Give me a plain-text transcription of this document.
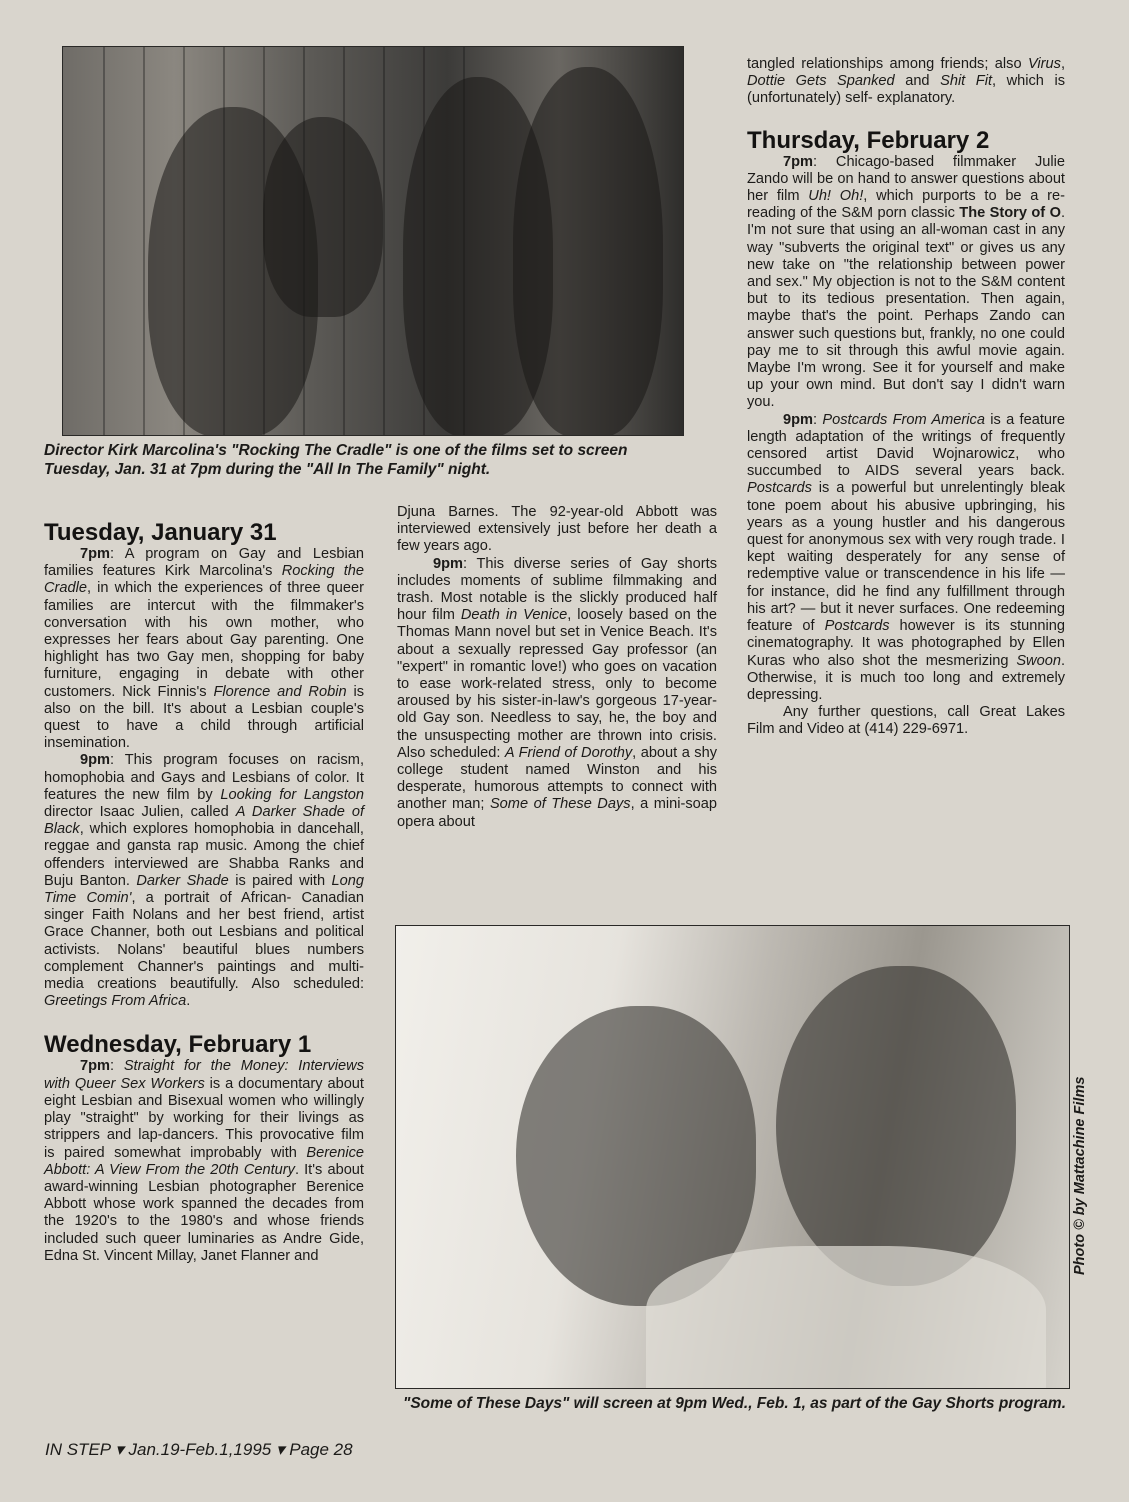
Director Kirk Marcolina's "Rocking The Cradle" is one of the films set to screen Tuesday, Jan. 31 at 7pm during the "All In The Family" night.
Tuesday, January 31

7pm: A program on Gay and Lesbian families features Kirk Marcolina's Rocking the Cradle, in which the experiences of three queer families are intercut with the filmmaker's conversation with his own mother, who expresses her fears about Gay parenting. One highlight has two Gay men, shopping for baby furniture, engaging in debate with other customers. Nick Finnis's Florence and Robin is also on the bill. It's about a Lesbian couple's quest to have a child through artificial insemination.

9pm: This program focuses on racism, homophobia and Gays and Lesbians of color. It features the new film by Looking for Langston director Isaac Julien, called A Darker Shade of Black, which explores homophobia in dancehall, reggae and gansta rap music. Among the chief offenders interviewed are Shabba Ranks and Buju Banton. Darker Shade is paired with Long Time Comin', a portrait of African- Canadian singer Faith Nolans and her best friend, artist Grace Channer, both out Lesbians and political activists. Nolans' beautiful blues numbers complement Channer's paintings and multi- media creations beautifully. Also scheduled: Greetings From Africa.

Wednesday, February 1

7pm: Straight for the Money: Interviews with Queer Sex Workers is a documentary about eight Lesbian and Bisexual women who willingly play "straight" by working for their livings as strippers and lap-dancers. This provocative film is paired somewhat improbably with Berenice Abbott: A View From the 20th Century. It's about award-winning Lesbian photographer Berenice Abbott whose work spanned the decades from the 1920's to the 1980's and whose friends included such queer luminaries as Andre Gide, Edna St. Vincent Millay, Janet Flanner and

Djuna Barnes. The 92-year-old Abbott was interviewed extensively just before her death a few years ago.

9pm: This diverse series of Gay shorts includes moments of sublime filmmaking and trash. Most notable is the slickly produced half hour film Death in Venice, loosely based on the Thomas Mann novel but set in Venice Beach. It's about a sexually repressed Gay professor (an "expert" in romantic love!) who goes on vacation to ease work-related stress, only to become aroused by his sister-in-law's gorgeous 17-year-old Gay son. Needless to say, he, the boy and the unsuspecting mother are thrown into crisis. Also scheduled: A Friend of Dorothy, about a shy college student named Winston and his desperate, humorous attempts to connect with another man; Some of These Days, a mini-soap opera about

tangled relationships among friends; also Virus, Dottie Gets Spanked and Shit Fit, which is (unfortunately) self- explanatory.

Thursday, February 2

7pm: Chicago-based filmmaker Julie Zando will be on hand to answer questions about her film Uh! Oh!, which purports to be a re-reading of the S&M porn classic The Story of O. I'm not sure that using an all-woman cast in any way "subverts the original text" or gives us any new take on "the relationship between power and sex." My objection is not to the S&M content but to its tedious presentation. Then again, maybe that's the point. Perhaps Zando can answer such questions but, frankly, no one could pay me to sit through this awful movie again. Maybe I'm wrong. See it for yourself and make up your own mind. But don't say I didn't warn you.

9pm: Postcards From America is a feature length adaptation of the writings of frequently censored artist David Wojnarowicz, who succumbed to AIDS several years back. Postcards is a powerful but unrelentingly bleak tone poem about his abusive upbringing, his years as a young hustler and his dangerous quest for anonymous sex with very rough trade. I kept waiting desperately for any sense of redemptive value or transcendence in his life — for instance, did he find any fulfillment through his art? — but it never surfaces. One redeeming feature of Postcards however is its stunning cinematography. It was photographed by Ellen Kuras who also shot the mesmerizing Swoon. Otherwise, it is much too long and extremely depressing.

Any further questions, call Great Lakes Film and Video at (414) 229-6971.

Photo © by Mattachine Films
"Some of These Days" will screen at 9pm Wed., Feb. 1, as part of the Gay Shorts program.
IN STEP ▾ Jan.19-Feb.1,1995 ▾ Page 28
